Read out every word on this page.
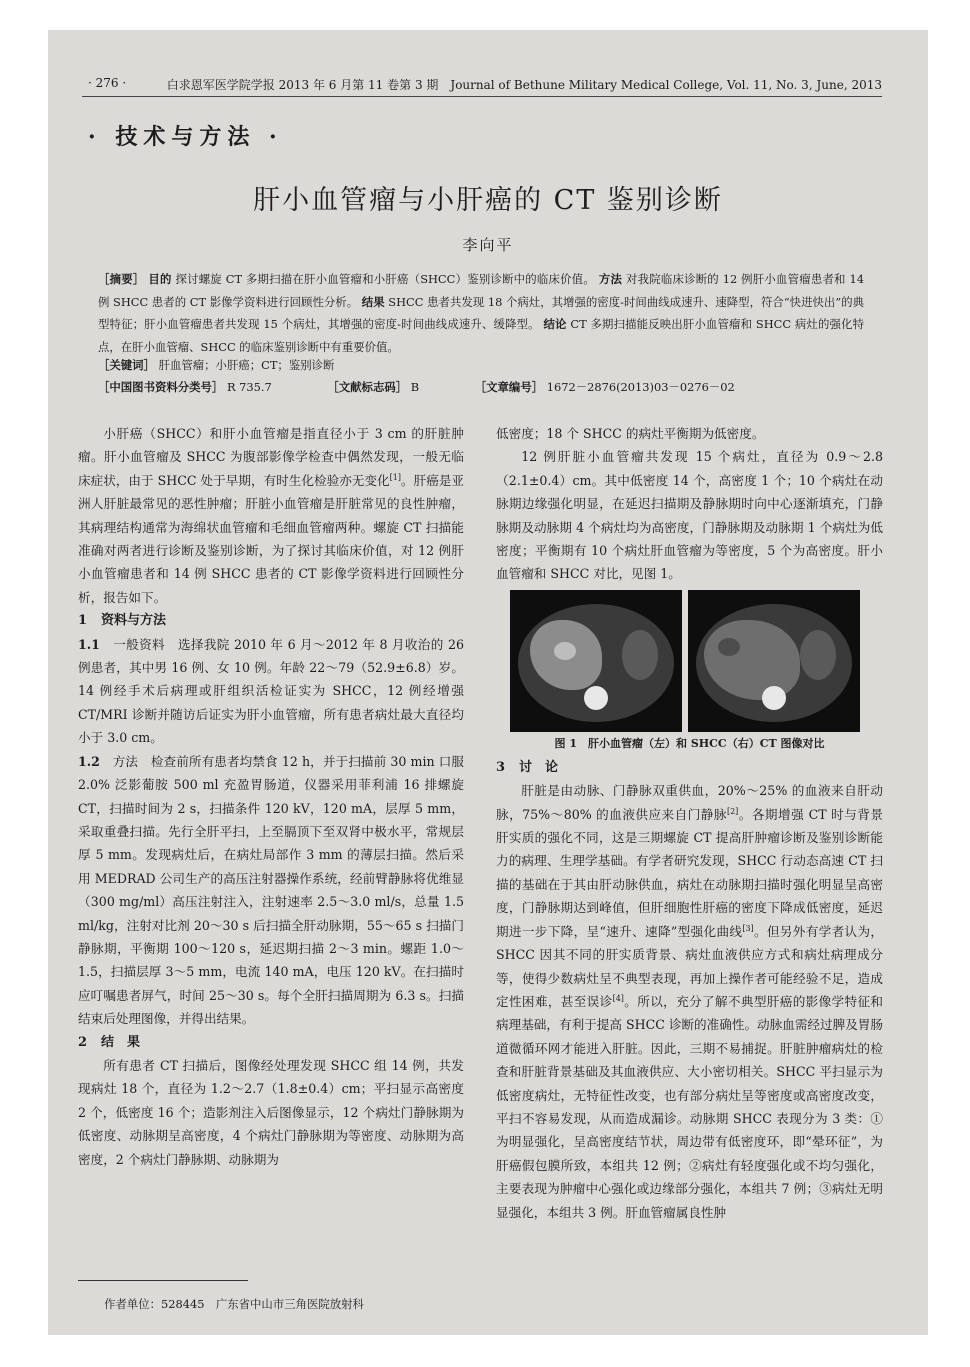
· 276 ·	白求恩军医学院学报 2013 年 6 月第 11 卷第 3 期　Journal of Bethune Military Medical College, Vol. 11, No. 3, June, 2013
· 技术与方法 ·
肝小血管瘤与小肝癌的 CT 鉴别诊断
李向平
［摘要］ 目的 探讨螺旋 CT 多期扫描在肝小血管瘤和小肝癌（SHCC）鉴别诊断中的临床价值。 方法 对我院临床诊断的 12 例肝小血管瘤患者和 14 例 SHCC 患者的 CT 影像学资料进行回顾性分析。 结果 SHCC 患者共发现 18 个病灶，其增强的密度-时间曲线成速升、速降型，符合“快进快出”的典型特征；肝小血管瘤患者共发现 15 个病灶，其增强的密度-时间曲线成速升、缓降型。 结论 CT 多期扫描能反映出肝小血管瘤和 SHCC 病灶的强化特点，在肝小血管瘤、SHCC 的临床鉴别诊断中有重要价值。
［关键词］ 肝血管瘤；小肝癌；CT；鉴别诊断
［中国图书资料分类号］ R 735.7	［文献标志码］ B	［文章编号］ 1672－2876(2013)03－0276－02

小肝癌（SHCC）和肝小血管瘤是指直径小于 3 cm 的肝脏肿瘤。肝小血管瘤及 SHCC 为腹部影像学检查中偶然发现，一般无临床症状，由于 SHCC 处于早期，有时生化检验亦无变化[1]。肝癌是亚洲人肝脏最常见的恶性肿瘤；肝脏小血管瘤是肝脏常见的良性肿瘤，其病理结构通常为海绵状血管瘤和毛细血管瘤两种。螺旋 CT 扫描能准确对两者进行诊断及鉴别诊断，为了探讨其临床价值，对 12 例肝小血管瘤患者和 14 例 SHCC 患者的 CT 影像学资料进行回顾性分析，报告如下。

1 资料与方法

1.1　 一般资料　 选择我院 2010 年 6 月～2012 年 8 月收治的 26 例患者，其中男 16 例、女 10 例。年龄 22～79（52.9±6.8）岁。14 例经手术后病理或肝组织活检证实为 SHCC，12 例经增强 CT/MRI 诊断并随访后证实为肝小血管瘤，所有患者病灶最大直径均小于 3.0 cm。

1.2　 方法　 检查前所有患者均禁食 12 h，并于扫描前 30 min 口服 2.0% 泛影葡胺 500 ml 充盈胃肠道，仪器采用菲利浦 16 排螺旋 CT，扫描时间为 2 s，扫描条件 120 kV，120 mA，层厚 5 mm，采取重叠扫描。先行全肝平扫，上至膈顶下至双肾中极水平，常规层厚 5 mm。发现病灶后，在病灶局部作 3 mm 的薄层扫描。然后采用 MEDRAD 公司生产的高压注射器操作系统，经前臂静脉将优维显（300 mg/ml）高压注射注入，注射速率 2.5～3.0 ml/s，总量 1.5 ml/kg，注射对比剂 20～30 s 后扫描全肝动脉期，55～65 s 扫描门静脉期，平衡期 100～120 s，延迟期扫描 2～3 min。螺距 1.0～1.5，扫描层厚 3～5 mm，电流 140 mA，电压 120 kV。在扫描时应叮嘱患者屏气，时间 25～30 s。每个全肝扫描周期为 6.3 s。扫描结束后处理图像，并得出结果。

2 结　果

所有患者 CT 扫描后，图像经处理发现 SHCC 组 14 例，共发现病灶 18 个，直径为 1.2～2.7（1.8±0.4）cm；平扫显示高密度 2 个，低密度 16 个；造影剂注入后图像显示，12 个病灶门静脉期为低密度、动脉期呈高密度，4 个病灶门静脉期为等密度、动脉期为高密度，2 个病灶门静脉期、动脉期为

低密度；18 个 SHCC 的病灶平衡期为低密度。

12 例肝脏小血管瘤共发现 15 个病灶，直径为 0.9～2.8（2.1±0.4）cm。其中低密度 14 个，高密度 1 个；10 个病灶在动脉期边缘强化明显，在延迟扫描期及静脉期时向中心逐渐填充，门静脉期及动脉期 4 个病灶均为高密度，门静脉期及动脉期 1 个病灶为低密度；平衡期有 10 个病灶肝血管瘤为等密度，5 个为高密度。肝小血管瘤和 SHCC 对比，见图 1。

图 1　肝小血管瘤（左）和 SHCC（右）CT 图像对比

3 讨　论

肝脏是由动脉、门静脉双重供血，20%～25% 的血液来自肝动脉，75%～80% 的血液供应来自门静脉[2]。各期增强 CT 时与背景肝实质的强化不同，这是三期螺旋 CT 提高肝肿瘤诊断及鉴别诊断能力的病理、生理学基础。有学者研究发现，SHCC 行动态高速 CT 扫描的基础在于其由肝动脉供血，病灶在动脉期扫描时强化明显呈高密度，门静脉期达到峰值，但肝细胞性肝癌的密度下降成低密度，延迟期进一步下降，呈“速升、速降”型强化曲线[3]。但另外有学者认为，SHCC 因其不同的肝实质背景、病灶血液供应方式和病灶病理成分等，使得少数病灶呈不典型表现，再加上操作者可能经验不足，造成定性困难，甚至误诊[4]。所以，充分了解不典型肝癌的影像学特征和病理基础，有利于提高 SHCC 诊断的准确性。动脉血需经过脾及胃肠道微循环网才能进入肝脏。因此，三期不易捕捉。肝脏肿瘤病灶的检查和肝脏背景基础及其血液供应、大小密切相关。SHCC 平扫显示为低密度病灶，无特征性改变，也有部分病灶呈等密度或高密度改变，平扫不容易发现，从而造成漏诊。动脉期 SHCC 表现分为 3 类：①为明显强化，呈高密度结节状，周边带有低密度环，即“晕环征”，为肝癌假包膜所致，本组共 12 例；②病灶有轻度强化或不均匀强化，主要表现为肿瘤中心强化或边缘部分强化，本组共 7 例；③病灶无明显强化，本组共 3 例。肝血管瘤属良性肿

作者单位：528445　广东省中山市三角医院放射科
